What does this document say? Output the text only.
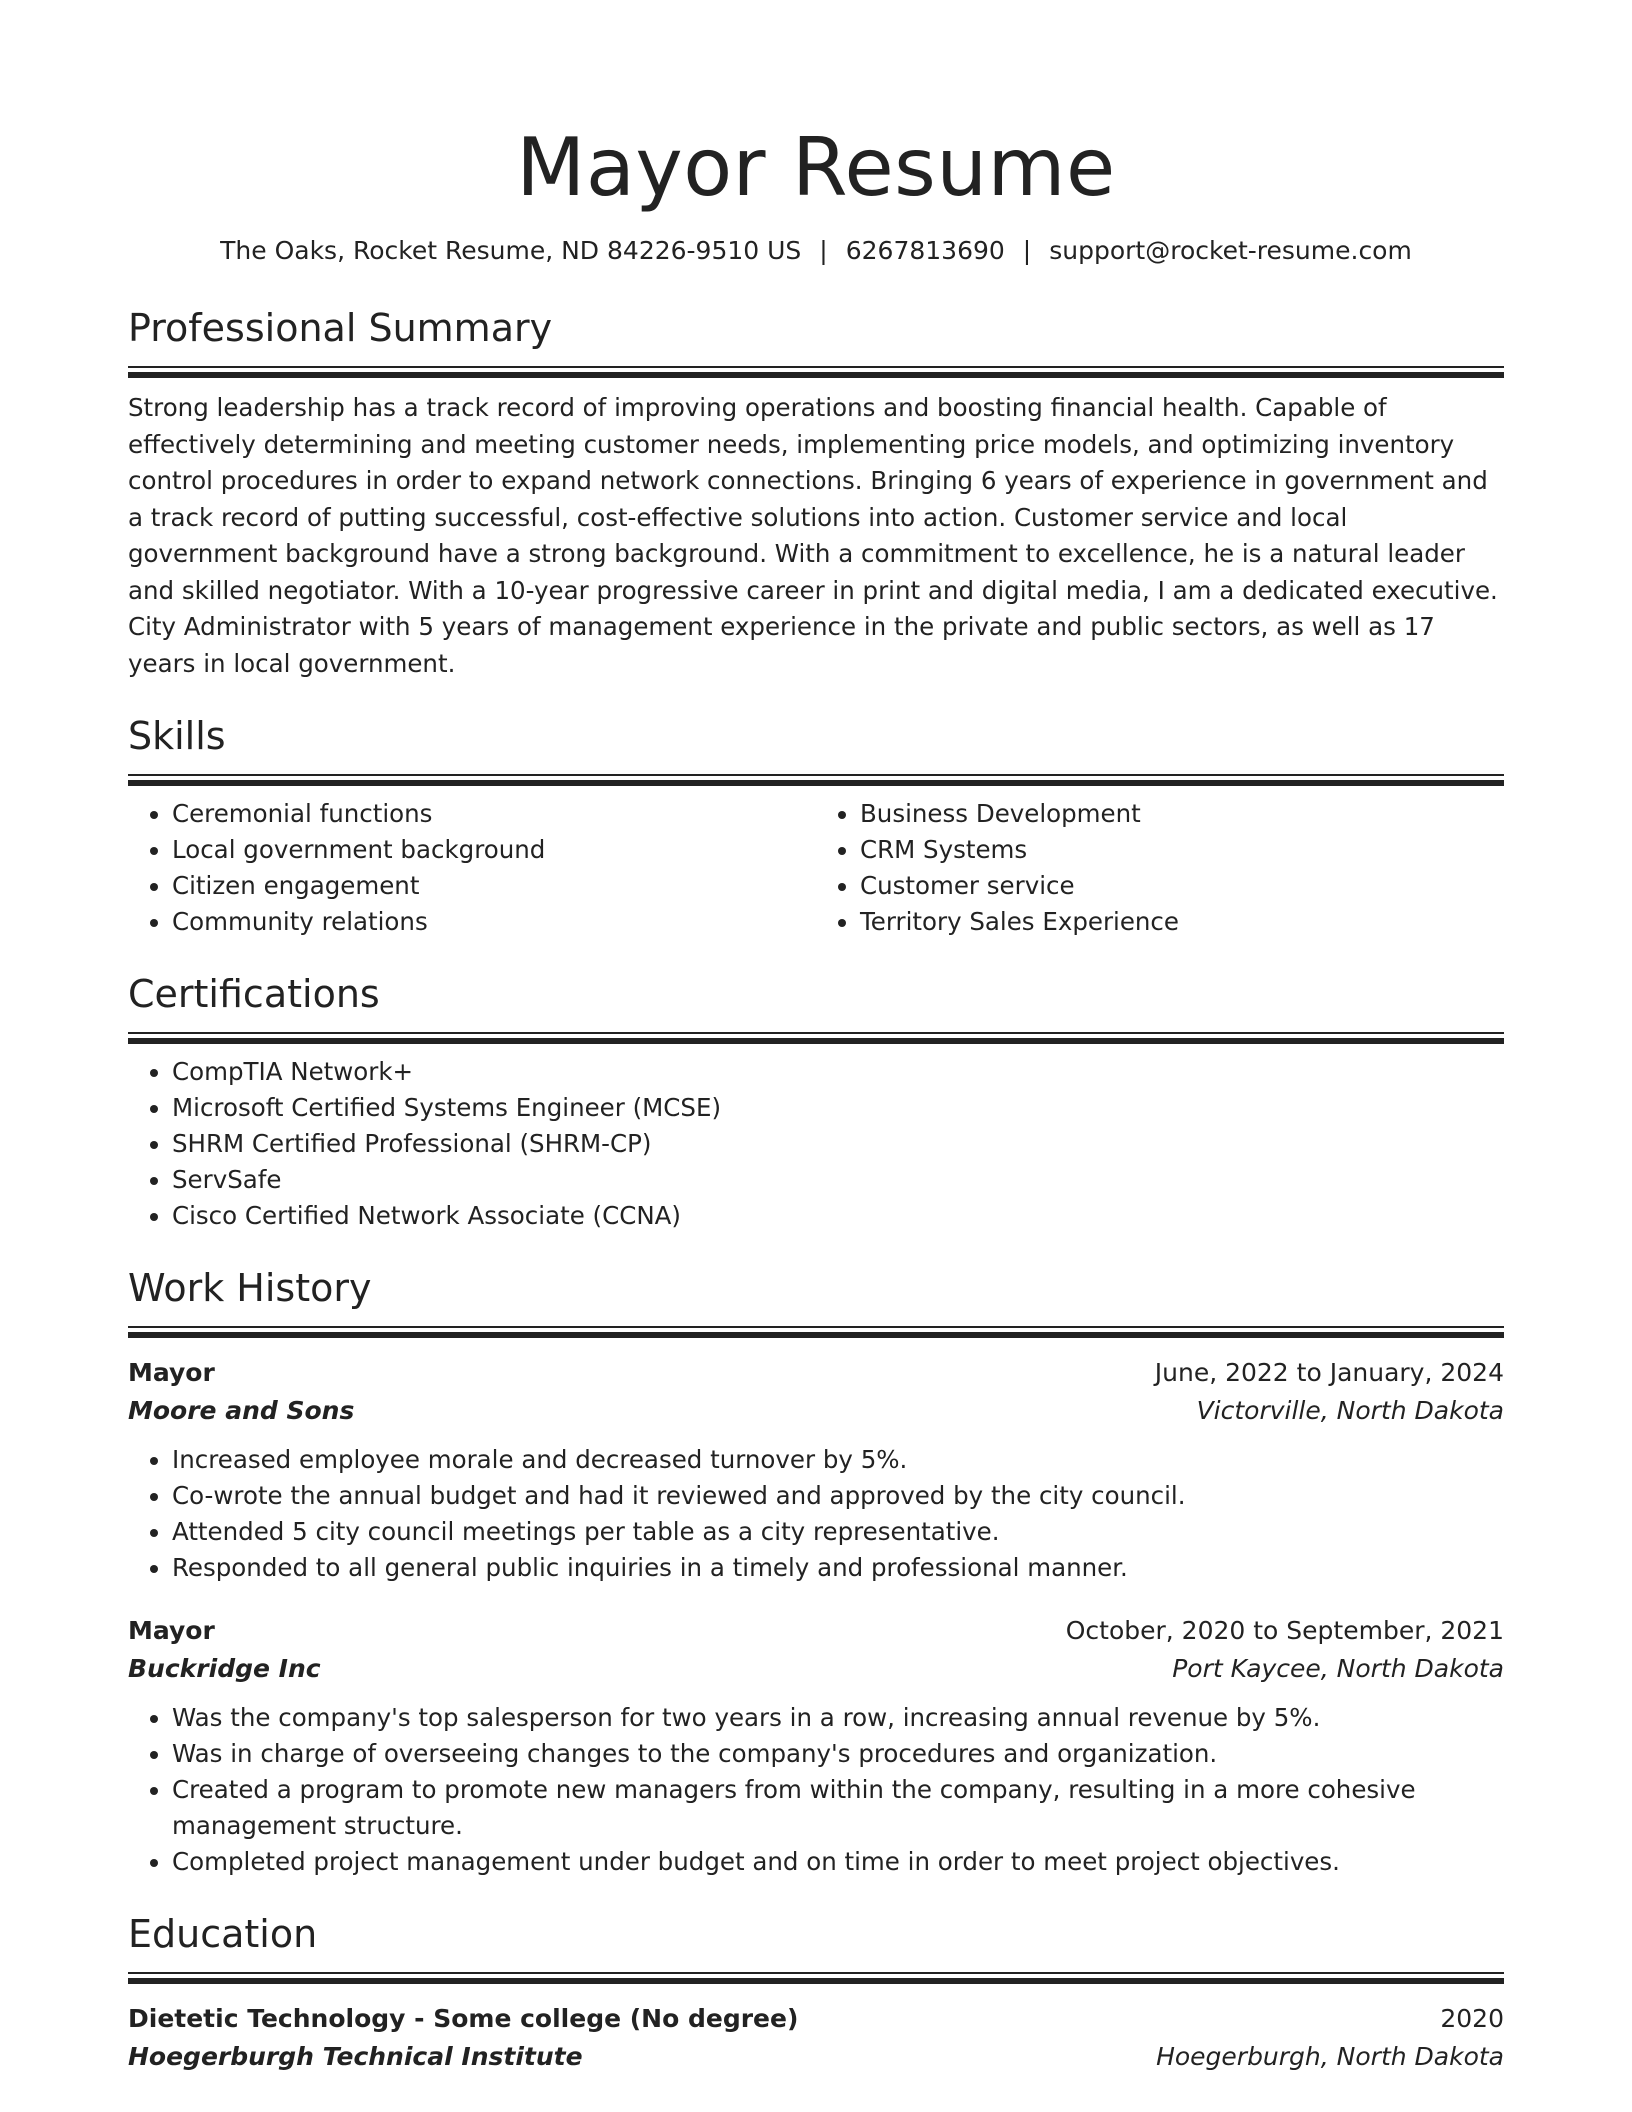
Mayor Resume
The Oaks, Rocket Resume, ND 84226-9510 US | 6267813690 | support@rocket-resume.com
Professional Summary
Strong leadership has a track record of improving operations and boosting financial health. Capable of effectively determining and meeting customer needs, implementing price models, and optimizing inventory control procedures in order to expand network connections. Bringing 6 years of experience in government and a track record of putting successful, cost-effective solutions into action. Customer service and local government background have a strong background. With a commitment to excellence, he is a natural leader and skilled negotiator. With a 10-year progressive career in print and digital media, I am a dedicated executive. City Administrator with 5 years of management experience in the private and public sectors, as well as 17 years in local government.
Skills
• Ceremonial functions
• Local government background
• Citizen engagement
• Community relations
• Business Development
• CRM Systems
• Customer service
• Territory Sales Experience
Certifications
• CompTIA Network+
• Microsoft Certified Systems Engineer (MCSE)
• SHRM Certified Professional (SHRM-CP)
• ServSafe
• Cisco Certified Network Associate (CCNA)
Work History
Mayor	June, 2022 to January, 2024
Moore and Sons	Victorville, North Dakota
• Increased employee morale and decreased turnover by 5%.
• Co-wrote the annual budget and had it reviewed and approved by the city council.
• Attended 5 city council meetings per table as a city representative.
• Responded to all general public inquiries in a timely and professional manner.
Mayor	October, 2020 to September, 2021
Buckridge Inc	Port Kaycee, North Dakota
• Was the company's top salesperson for two years in a row, increasing annual revenue by 5%.
• Was in charge of overseeing changes to the company's procedures and organization.
• Created a program to promote new managers from within the company, resulting in a more cohesive management structure.
• Completed project management under budget and on time in order to meet project objectives.
Education
Dietetic Technology - Some college (No degree)	2020
Hoegerburgh Technical Institute	Hoegerburgh, North Dakota
